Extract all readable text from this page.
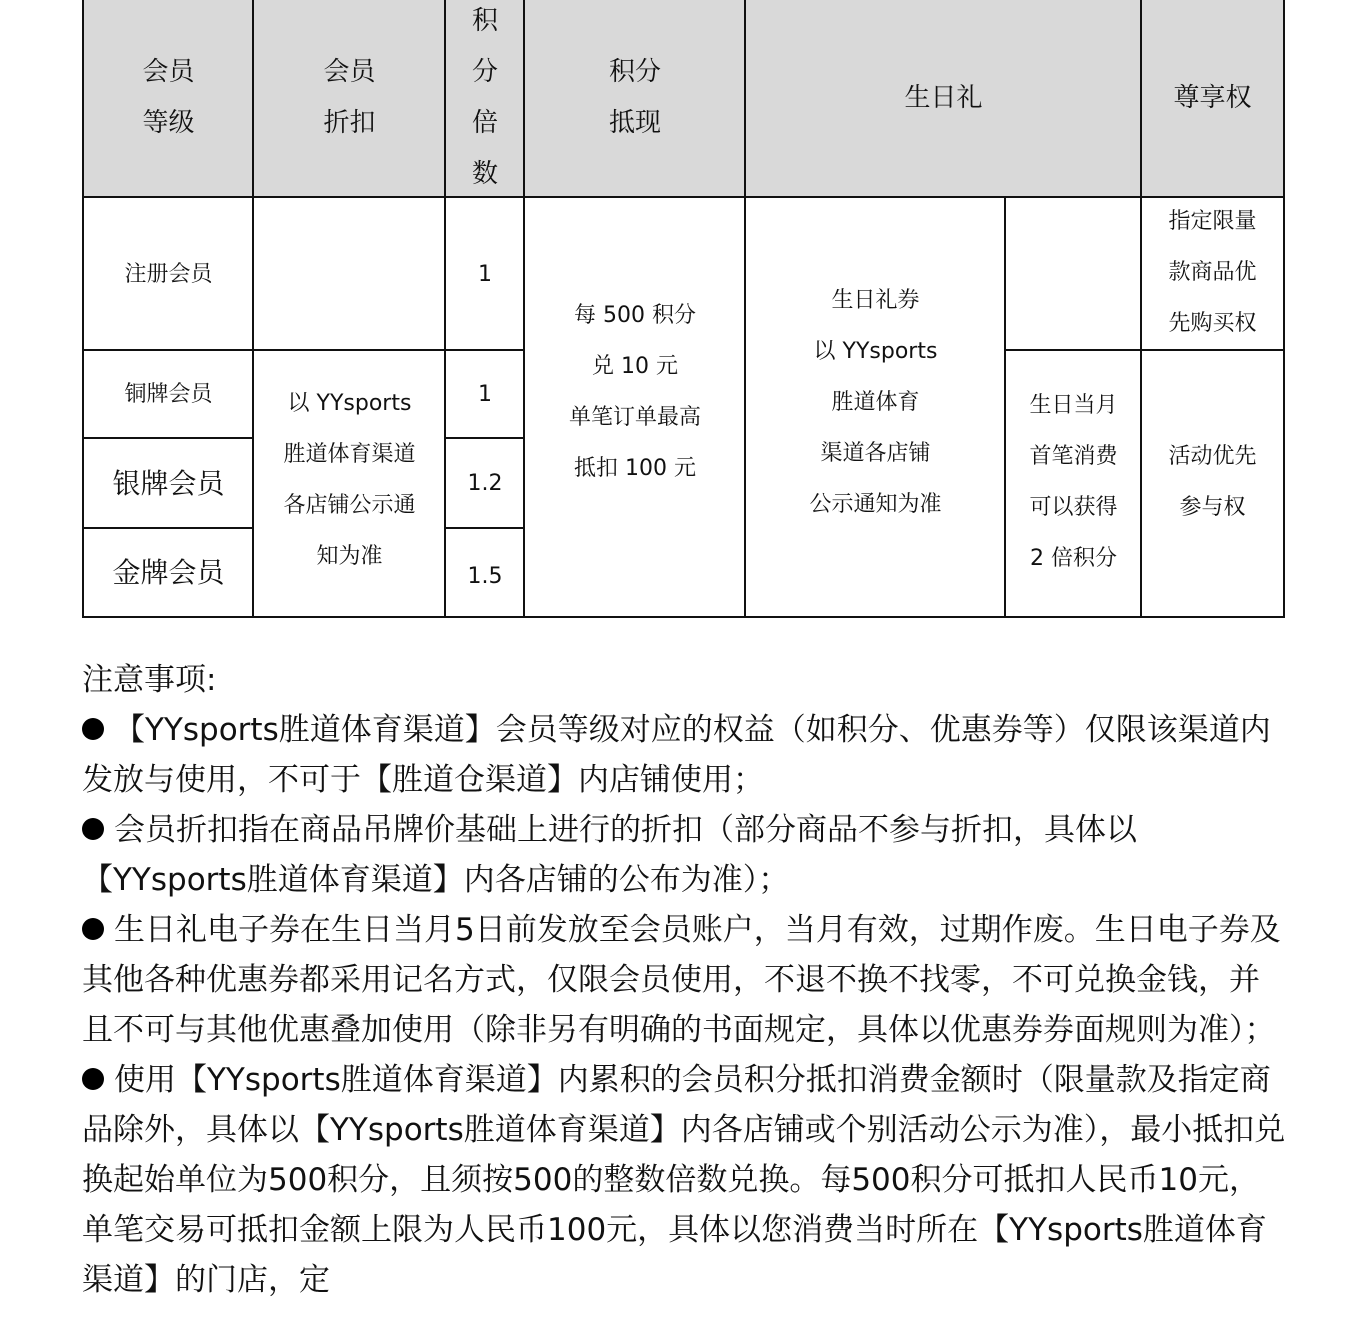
会员
等级
会员
折扣
积
分
倍
数
积分
抵现
生日礼	尊享权
注册会员
铜牌会员
银牌会员
金牌会员
以 YYsports
胜道体育渠道
各店铺公示通
知为准
1
1
1.2
1.5
每 500 积分
兑 10 元
单笔订单最高
抵扣 100 元
生日礼券
以 YYsports
胜道体育
渠道各店铺
公示通知为准
生日当月
首笔消费
可以获得
2 倍积分
指定限量
款商品优
先购买权
活动优先
参与权

注意事项:

【YYsports胜道体育渠道】会员等级对应的权益（如积分、优惠券等）仅限该渠道内发放与使用，不可于【胜道仓渠道】内店铺使用；

会员折扣指在商品吊牌价基础上进行的折扣（部分商品不参与折扣，具体以【YYsports胜道体育渠道】内各店铺的公布为准）；

生日礼电子券在生日当月5日前发放至会员账户，当月有效，过期作废。生日电子券及其他各种优惠券都采用记名方式，仅限会员使用，不退不换不找零，不可兑换金钱，并且不可与其他优惠叠加使用（除非另有明确的书面规定，具体以优惠券券面规则为准）；

使用【YYsports胜道体育渠道】内累积的会员积分抵扣消费金额时（限量款及指定商品除外，具体以【YYsports胜道体育渠道】内各店铺或个别活动公示为准），最小抵扣兑换起始单位为500积分，且须按500的整数倍数兑换。每500积分可抵扣人民币10元，单笔交易可抵扣金额上限为人民币100元，具体以您消费当时所在【YYsports胜道体育渠道】的门店，定
